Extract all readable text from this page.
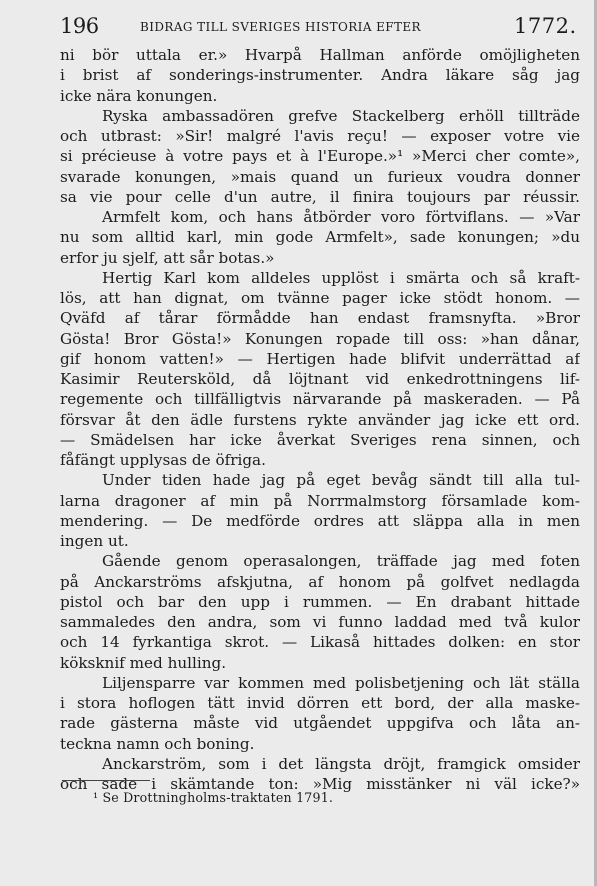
196	BIDRAG TILL SVERIGES HISTORIA EFTER	1772.
ni bör uttala er.» Hvarpå Hallman anförde omöjligheten
i brist af sonderings-instrumenter. Andra läkare såg jag
icke nära konungen.
Ryska ambassadören grefve Stackelberg erhöll tillträde
och utbrast: »Sir! malgré l'avis reçu! — exposer votre vie
si précieuse à votre pays et à l'Europe.»¹ »Merci cher comte»,
svarade konungen, »mais quand un furieux voudra donner
sa vie pour celle d'un autre, il finira toujours par réussir.
Armfelt kom, och hans åtbörder voro förtviflans. — »Var
nu som alltid karl, min gode Armfelt», sade konungen; »du
erfor ju sjelf, att sår botas.»
Hertig Karl kom alldeles upplöst i smärta och så kraft-
lös, att han dignat, om tvänne pager icke stödt honom. —
Qväfd af tårar förmådde han endast framsnyfta. »Bror
Gösta! Bror Gösta!» Konungen ropade till oss: »han dånar,
gif honom vatten!» — Hertigen hade blifvit underrättad af
Kasimir Reutersköld, då löjtnant vid enkedrottningens lif-
regemente och tillfälligtvis närvarande på maskeraden. — På
försvar åt den ädle furstens rykte använder jag icke ett ord.
— Smädelsen har icke åverkat Sveriges rena sinnen, och
fåfängt upplysas de öfriga.
Under tiden hade jag på eget bevåg sändt till alla tul-
larna dragoner af min på Norrmalmstorg församlade kom-
mendering. — De medförde ordres att släppa alla in men
ingen ut.
Gående genom operasalongen, träffade jag med foten
på Anckarströms afskjutna, af honom på golfvet nedlagda
pistol och bar den upp i rummen. — En drabant hittade
sammaledes den andra, som vi funno laddad med två kulor
och 14 fyrkantiga skrot. — Likaså hittades dolken: en stor
köksknif med hulling.
Liljensparre var kommen med polisbetjening och lät ställa
i stora hoflogen tätt invid dörren ett bord, der alla maske-
rade gästerna måste vid utgåendet uppgifva och låta an-
teckna namn och boning.
Anckarström, som i det längsta dröjt, framgick omsider
och sade i skämtande ton: »Mig misstänker ni väl icke?»
¹ Se Drottningholms-traktaten 1791.
